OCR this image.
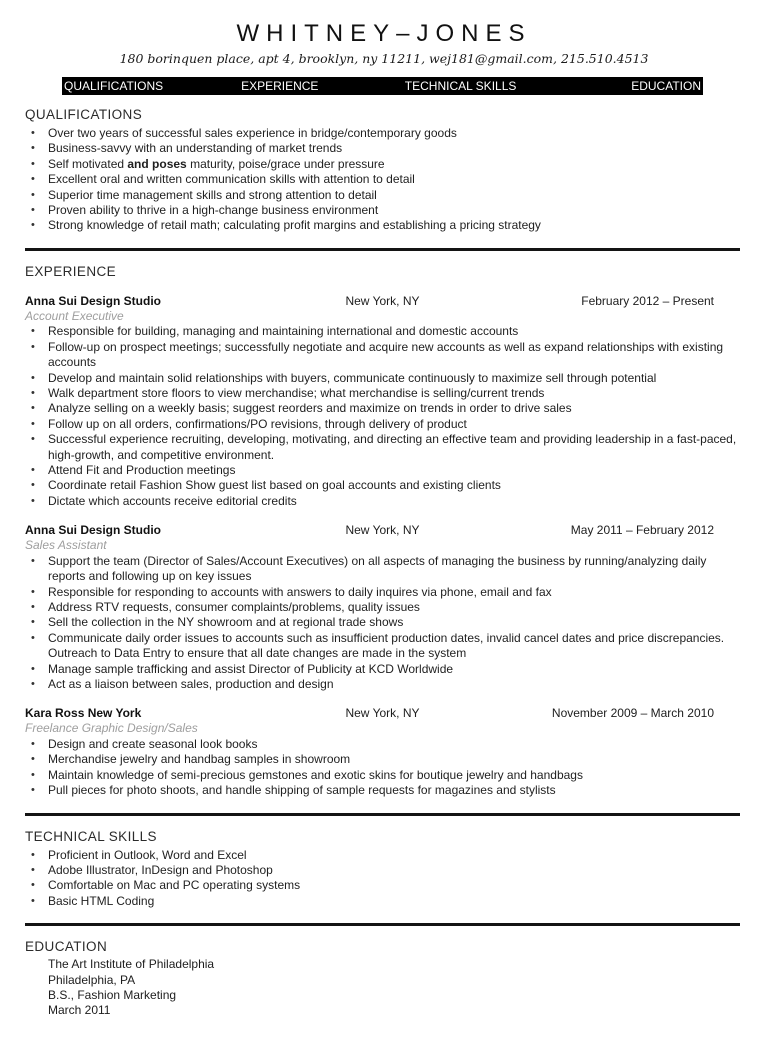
WHITNEY–JONES
180 borinquen place, apt 4, brooklyn, ny 11211, wej181@gmail.com, 215.510.4513
QUALIFICATIONS	EXPERIENCE	TECHNICAL SKILLS	EDUCATION
QUALIFICATIONS
• Over two years of successful sales experience in bridge/contemporary goods
• Business-savvy with an understanding of market trends
• Self motivated and poses maturity, poise/grace under pressure
• Excellent oral and written communication skills with attention to detail
• Superior time management skills and strong attention to detail
• Proven ability to thrive in a high-change business environment
• Strong knowledge of retail math; calculating profit margins and establishing a pricing strategy
EXPERIENCE
Anna Sui Design Studio	New York, NY	February 2012 – Present
Account Executive
• Responsible for building, managing and maintaining international and domestic accounts
• Follow-up on prospect meetings; successfully negotiate and acquire new accounts as well as expand relationships with existing accounts
• Develop and maintain solid relationships with buyers, communicate continuously to maximize sell through potential
• Walk department store floors to view merchandise; what merchandise is selling/current trends
• Analyze selling on a weekly basis; suggest reorders and maximize on trends in order to drive sales
• Follow up on all orders, confirmations/PO revisions, through delivery of product
• Successful experience recruiting, developing, motivating, and directing an effective team and providing leadership in a fast-paced, high-growth, and competitive environment.
• Attend Fit and Production meetings
• Coordinate retail Fashion Show guest list based on goal accounts and existing clients
• Dictate which accounts receive editorial credits
Anna Sui Design Studio	New York, NY	May 2011 – February 2012
Sales Assistant
• Support the team (Director of Sales/Account Executives) on all aspects of managing the business by running/analyzing daily reports and following up on key issues
• Responsible for responding to accounts with answers to daily inquires via phone, email and fax
• Address RTV requests, consumer complaints/problems, quality issues
• Sell the collection in the NY showroom and at regional trade shows
• Communicate daily order issues to accounts such as insufficient production dates, invalid cancel dates and price discrepancies. Outreach to Data Entry to ensure that all date changes are made in the system
• Manage sample trafficking and assist Director of Publicity at KCD Worldwide
• Act as a liaison between sales, production and design
Kara Ross New York	New York, NY	November 2009 – March 2010
Freelance Graphic Design/Sales
• Design and create seasonal look books
• Merchandise jewelry and handbag samples in showroom
• Maintain knowledge of semi-precious gemstones and exotic skins for boutique jewelry and handbags
• Pull pieces for photo shoots, and handle shipping of sample requests for magazines and stylists
TECHNICAL SKILLS
• Proficient in Outlook, Word and Excel
• Adobe Illustrator, InDesign and Photoshop
• Comfortable on Mac and PC operating systems
• Basic HTML Coding
EDUCATION
The Art Institute of Philadelphia
Philadelphia, PA
B.S., Fashion Marketing
March 2011
